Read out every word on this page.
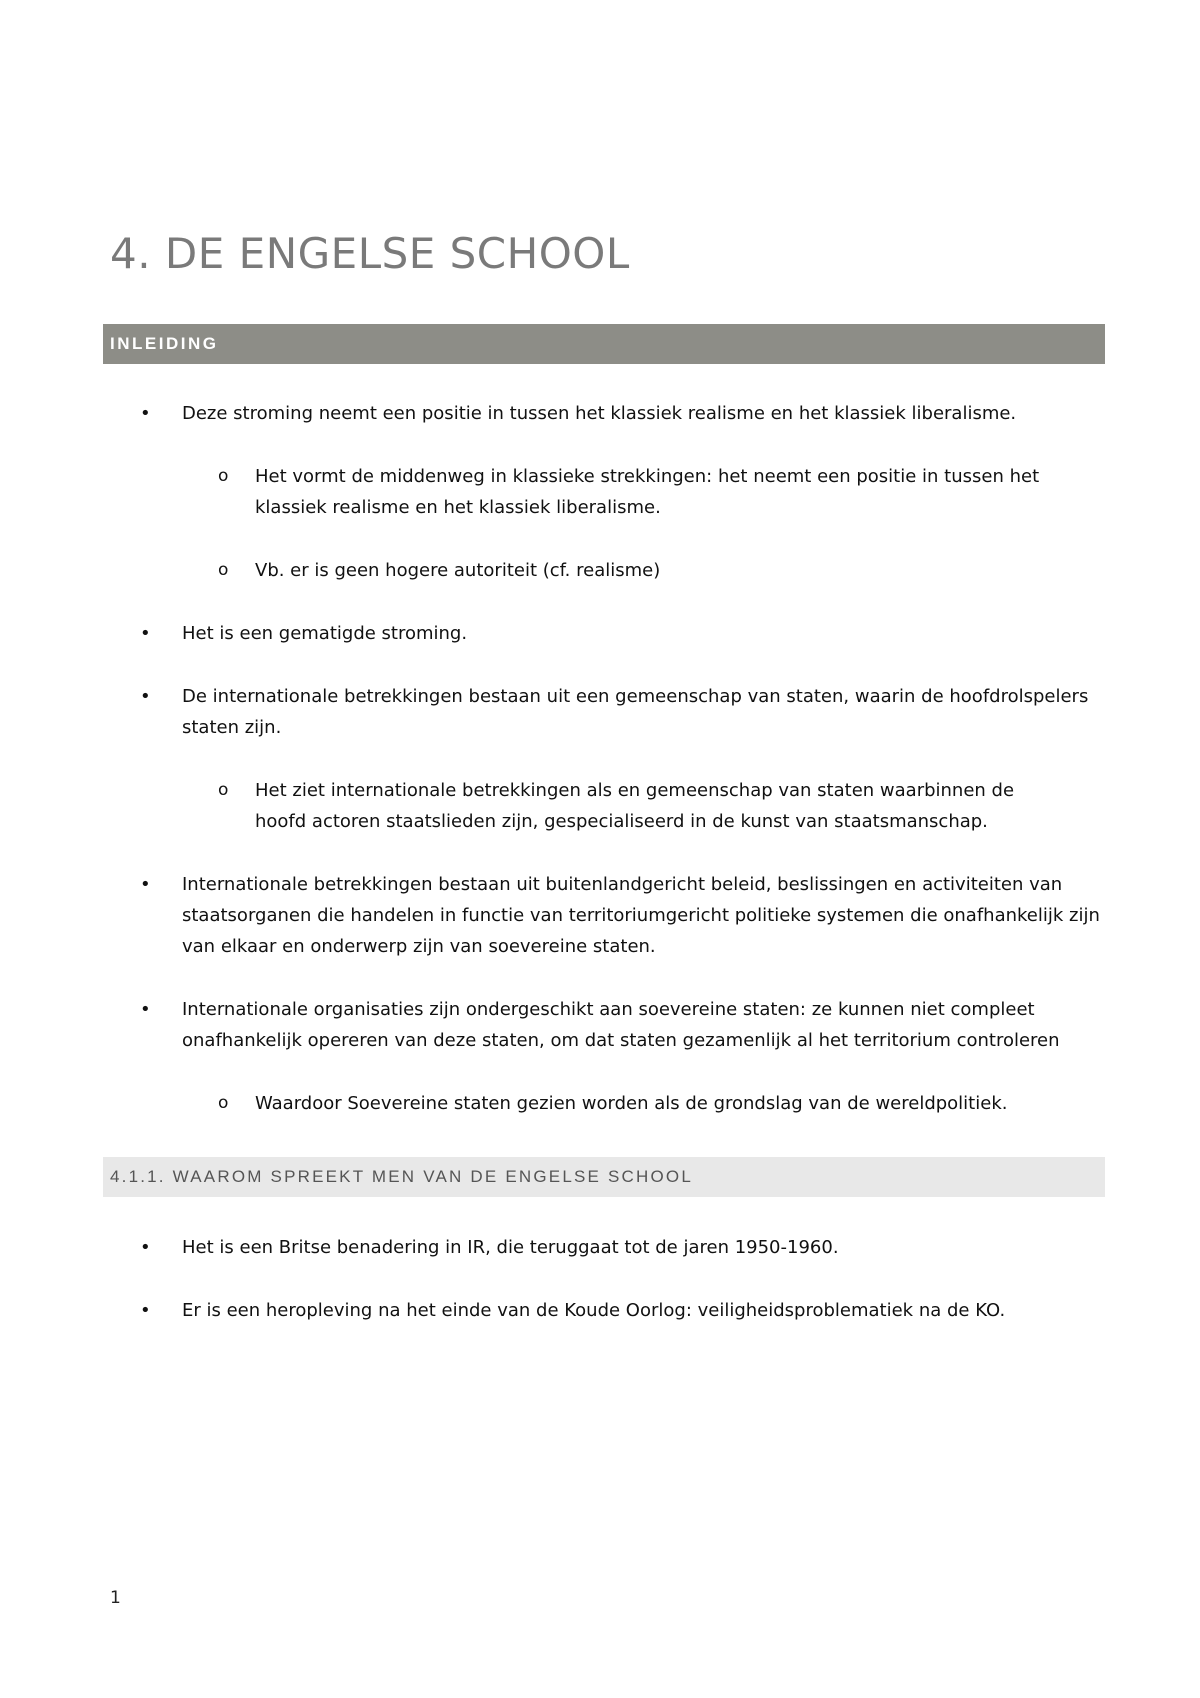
4. DE ENGELSE SCHOOL
INLEIDING
• Deze stroming neemt een positie in tussen het klassiek realisme en het klassiek liberalisme.
o Het vormt de middenweg in klassieke strekkingen: het neemt een positie in tussen het klassiek realisme en het klassiek liberalisme.
o Vb. er is geen hogere autoriteit (cf. realisme)
• Het is een gematigde stroming.
• De internationale betrekkingen bestaan uit een gemeenschap van staten, waarin de hoofdrolspelers staten zijn.
o Het ziet internationale betrekkingen als en gemeenschap van staten waarbinnen de hoofd actoren staatslieden zijn, gespecialiseerd in de kunst van staatsmanschap.
• Internationale betrekkingen bestaan uit buitenlandgericht beleid, beslissingen en activiteiten van staatsorganen die handelen in functie van territoriumgericht politieke systemen die onafhankelijk zijn van elkaar en onderwerp zijn van soevereine staten.
• Internationale organisaties zijn ondergeschikt aan soevereine staten: ze kunnen niet compleet onafhankelijk opereren van deze staten, om dat staten gezamenlijk al het territorium controleren
o Waardoor Soevereine staten gezien worden als de grondslag van de wereldpolitiek.
4.1.1. WAAROM SPREEKT MEN VAN DE ENGELSE SCHOOL
• Het is een Britse benadering in IR, die teruggaat tot de jaren 1950-1960.
• Er is een heropleving na het einde van de Koude Oorlog: veiligheidsproblematiek na de KO.
1
